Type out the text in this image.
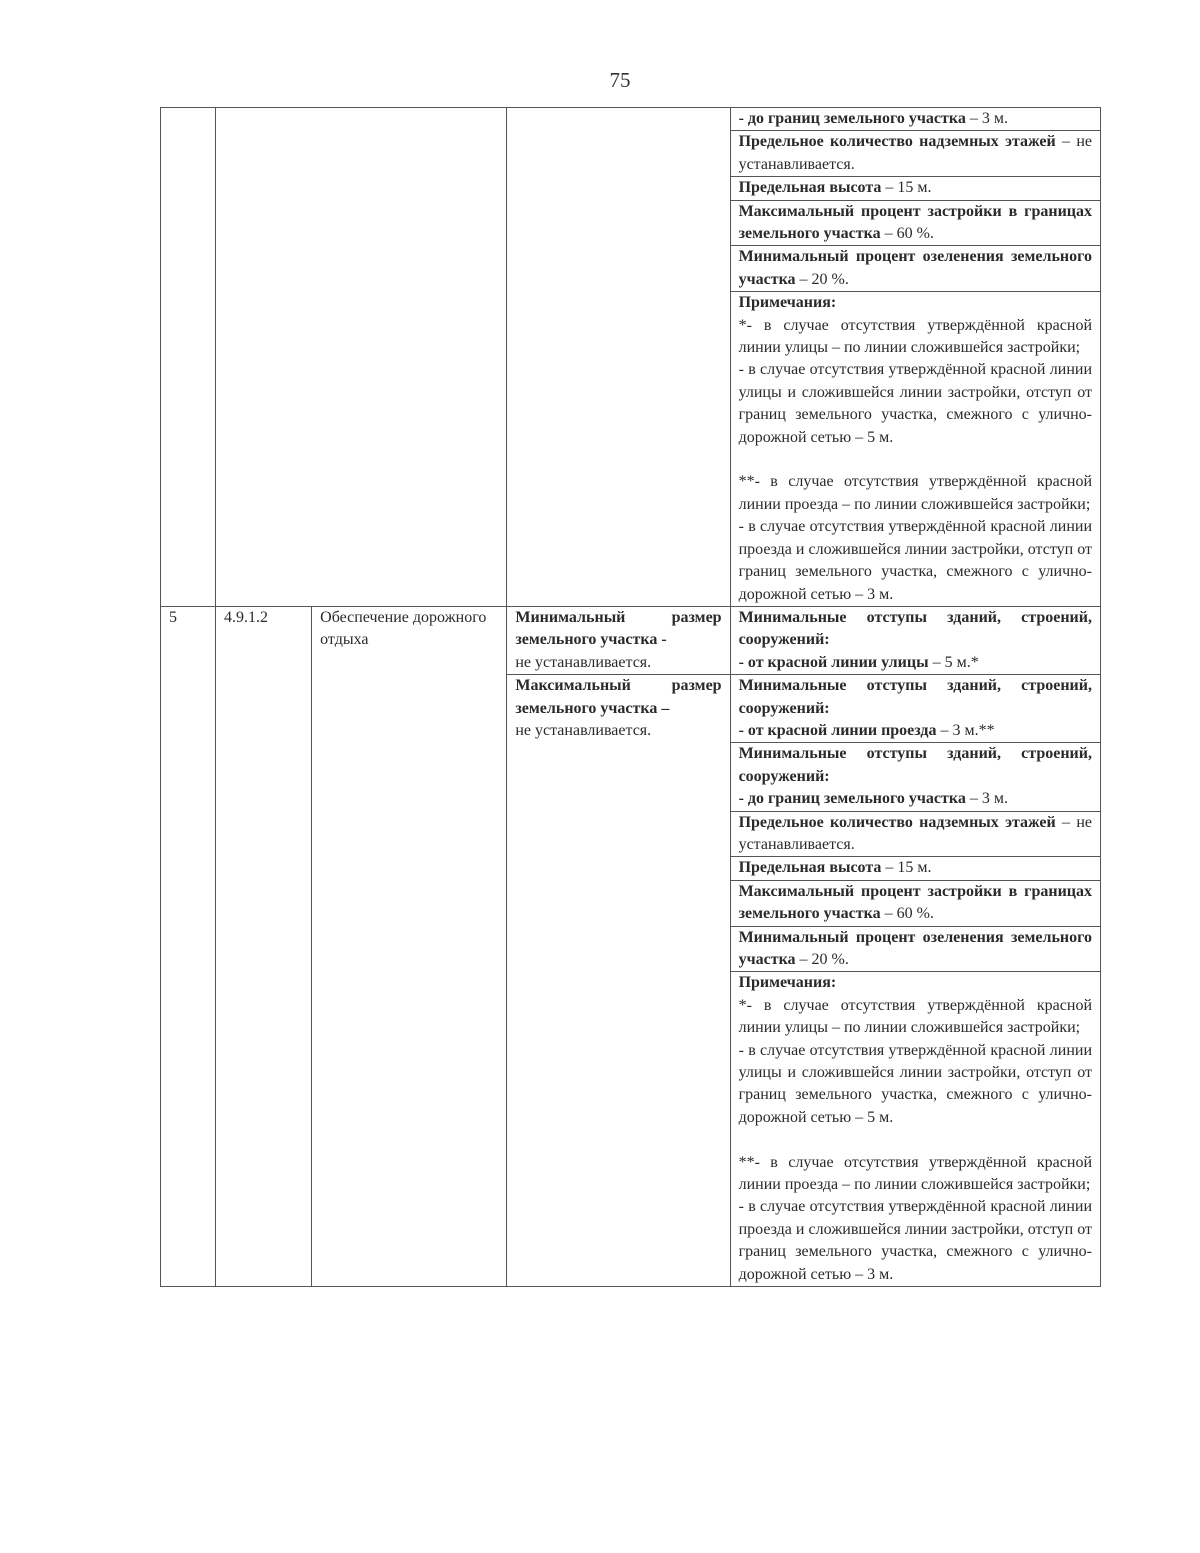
75
				- до границ земельного участка – 3 м.
				Предельное количество надземных этажей – не устанавливается.
				Предельная высота – 15 м.
				Максимальный процент застройки в границах земельного участка – 60 %.
				Минимальный процент озеленения земельного участка – 20 %.

				Примечания:
*- в случае отсутствия утверждённой красной линии улицы – по линии сложившейся застройки;
- в случае отсутствия утверждённой красной линии улицы и сложившейся линии застройки, отступ от границ земельного участка, смежного с улично-дорожной сетью – 5 м.
**- в случае отсутствия утверждённой красной линии проезда – по линии сложившейся застройки;
- в случае отсутствия утверждённой красной линии проезда и сложившейся линии застройки, отступ от границ земельного участка, смежного с улично-дорожной сетью – 3 м.

5	4.9.1.2	Обеспечение дорожного отдыха	Минимальный размер земельного участка -
не устанавливается.	Минимальные отступы зданий, строений, сооружений:
- от красной линии улицы – 5 м.*

			Максимальный размер земельного участка –
не устанавливается.	Минимальные отступы зданий, строений, сооружений:
- от красной линии проезда – 3 м.**

				Минимальные отступы зданий, строений, сооружений:
- до границ земельного участка – 3 м.

				Предельное количество надземных этажей – не устанавливается.
				Предельная высота – 15 м.
				Максимальный процент застройки в границах земельного участка – 60 %.
				Минимальный процент озеленения земельного участка – 20 %.

				Примечания:
*- в случае отсутствия утверждённой красной линии улицы – по линии сложившейся застройки;
- в случае отсутствия утверждённой красной линии улицы и сложившейся линии застройки, отступ от границ земельного участка, смежного с улично-дорожной сетью – 5 м.
**- в случае отсутствия утверждённой красной линии проезда – по линии сложившейся застройки;
- в случае отсутствия утверждённой красной линии проезда и сложившейся линии застройки, отступ от границ земельного участка, смежного с улично-дорожной сетью – 3 м.
